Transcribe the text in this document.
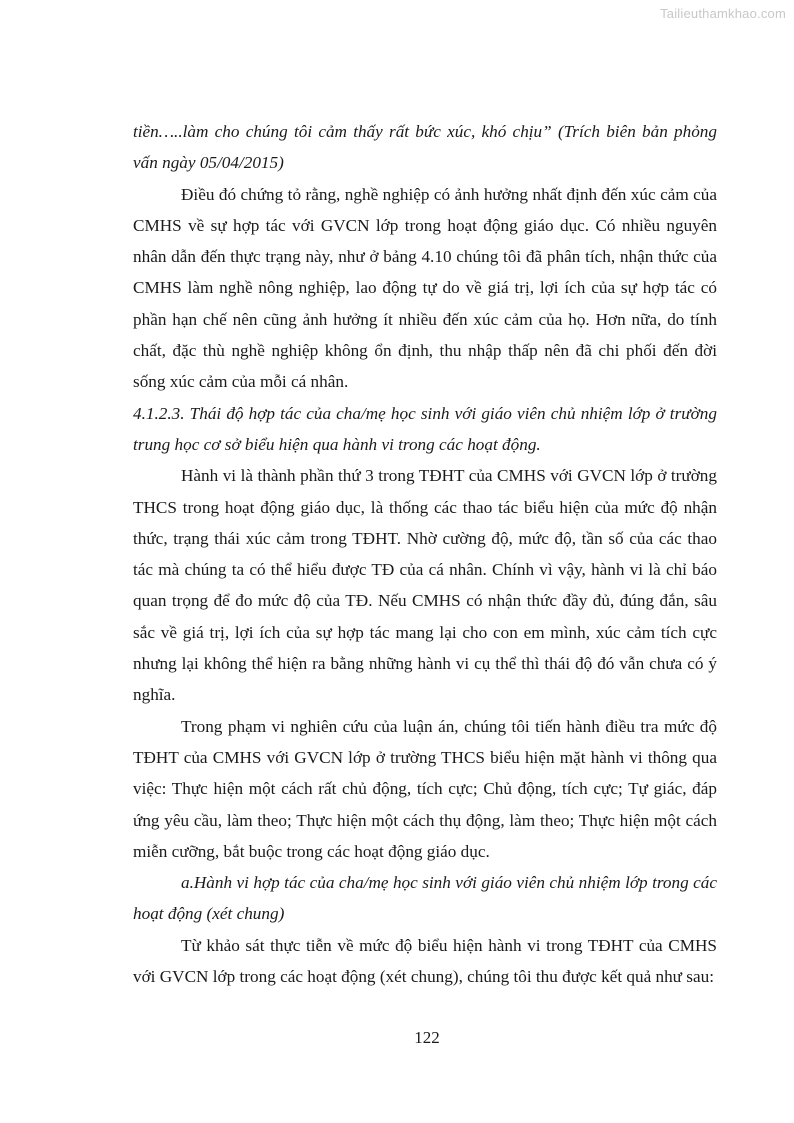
Tailieuthamkhao.com

tiền…..làm cho chúng tôi cảm thấy rất bức xúc, khó chịu” (Trích biên bản phỏng vấn ngày 05/04/2015)

Điều đó chứng tỏ rằng, nghề nghiệp có ảnh hưởng nhất định đến xúc cảm của CMHS về sự hợp tác với GVCN lớp trong hoạt động giáo dục. Có nhiều nguyên nhân dẫn đến thực trạng này, như ở bảng 4.10 chúng tôi đã phân tích, nhận thức của CMHS làm nghề nông nghiệp, lao động tự do về giá trị, lợi ích của sự hợp tác có phần hạn chế nên cũng ảnh hưởng ít nhiều đến xúc cảm của họ. Hơn nữa, do tính chất, đặc thù nghề nghiệp không ổn định, thu nhập thấp nên đã chi phối đến đời sống xúc cảm của mỗi cá nhân.

4.1.2.3. Thái độ hợp tác của cha/mẹ học sinh với giáo viên chủ nhiệm lớp ở trường trung học cơ sở biểu hiện qua hành vi trong các hoạt động.

Hành vi là thành phần thứ 3 trong TĐHT của CMHS với GVCN lớp ở trường THCS trong hoạt động giáo dục, là thống các thao tác biểu hiện của mức độ nhận thức, trạng thái xúc cảm trong TĐHT. Nhờ cường độ, mức độ, tần số của các thao tác mà chúng ta có thể hiểu được TĐ của cá nhân. Chính vì vậy, hành vi là chỉ báo quan trọng để đo mức độ của TĐ. Nếu CMHS có nhận thức đầy đủ, đúng đắn, sâu sắc về giá trị, lợi ích của sự hợp tác mang lại cho con em mình, xúc cảm tích cực nhưng lại không thể hiện ra bằng những hành vi cụ thể thì thái độ đó vẫn chưa có ý nghĩa.

Trong phạm vi nghiên cứu của luận án, chúng tôi tiến hành điều tra mức độ TĐHT của CMHS với GVCN lớp ở trường THCS biểu hiện mặt hành vi thông qua việc: Thực hiện một cách rất chủ động, tích cực; Chủ động, tích cực; Tự giác, đáp ứng yêu cầu, làm theo; Thực hiện một cách thụ động, làm theo; Thực hiện một cách miễn cưỡng, bắt buộc trong các hoạt động giáo dục.

a.Hành vi hợp tác của cha/mẹ học sinh với giáo viên chủ nhiệm lớp trong các hoạt động (xét chung)

Từ khảo sát thực tiễn về mức độ biểu hiện hành vi trong TĐHT của CMHS với GVCN lớp trong các hoạt động (xét chung), chúng tôi thu được kết quả như sau:

122
